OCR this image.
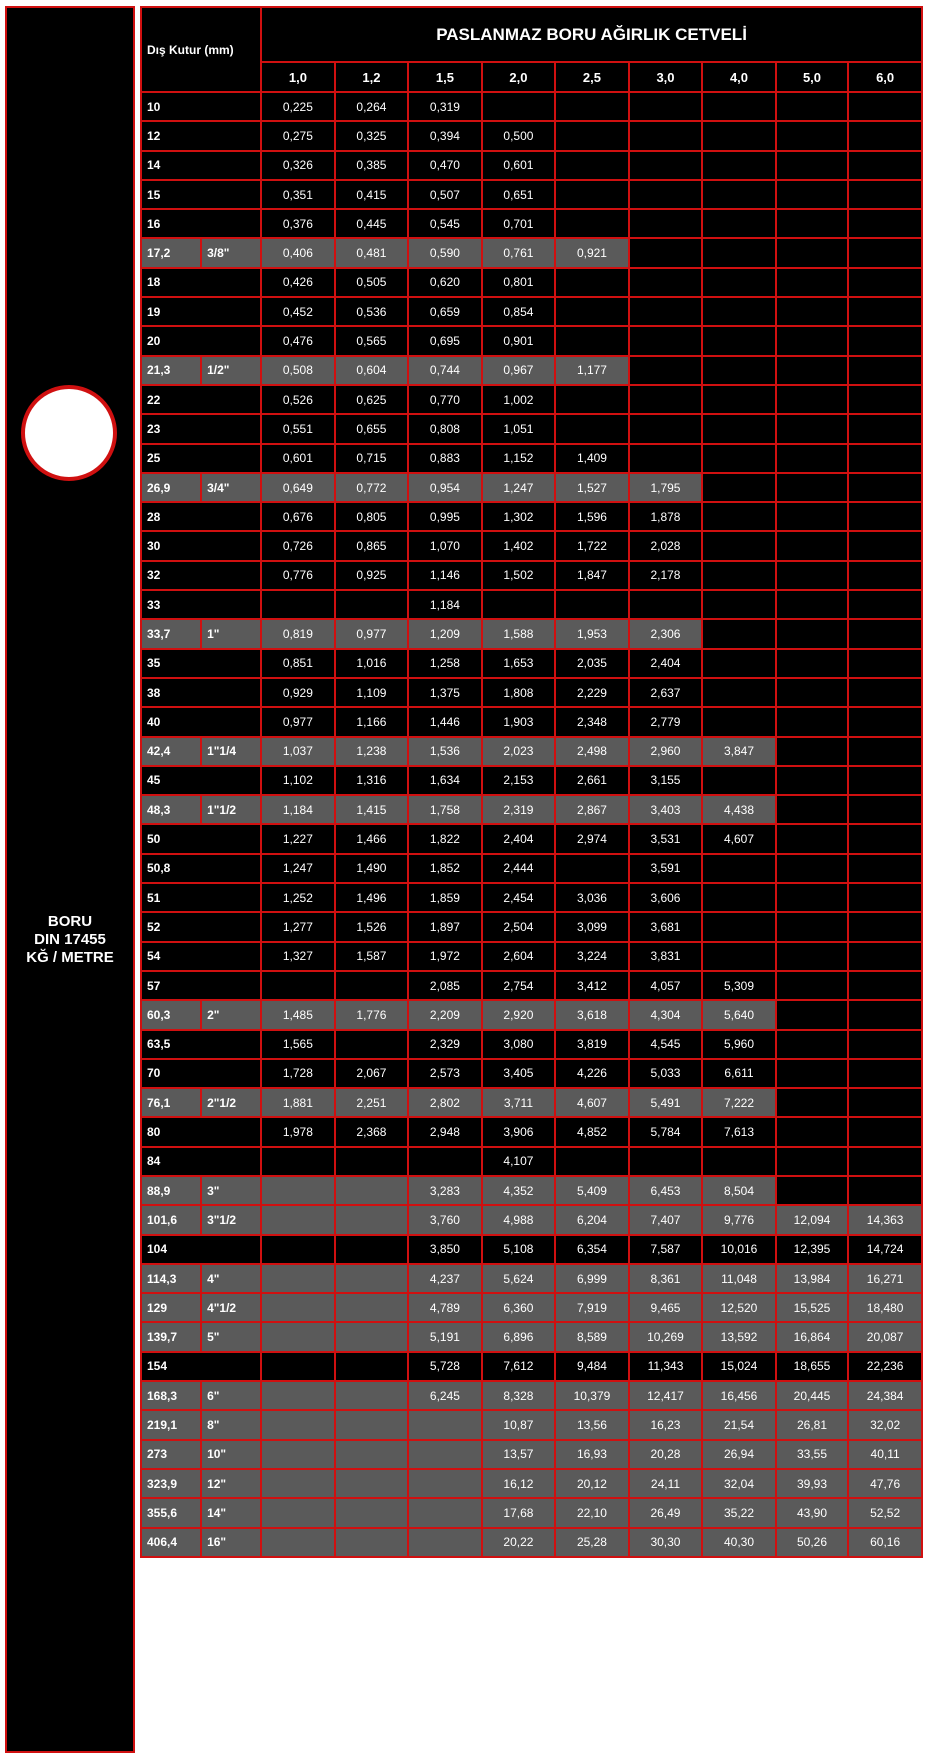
BORU
DIN 17455
KĞ / METRE
Dış Kutur (mm)		PASLANMAZ BORU AĞIRLIK CETVELİ								
		1,0	1,2	1,5	2,0	2,5	3,0	4,0	5,0	6,0
10		0,225	0,264	0,319						
12		0,275	0,325	0,394	0,500					
14		0,326	0,385	0,470	0,601					
15		0,351	0,415	0,507	0,651					
16		0,376	0,445	0,545	0,701					
17,2	3/8"	0,406	0,481	0,590	0,761	0,921				
18		0,426	0,505	0,620	0,801					
19		0,452	0,536	0,659	0,854					
20		0,476	0,565	0,695	0,901					
21,3	1/2"	0,508	0,604	0,744	0,967	1,177				
22		0,526	0,625	0,770	1,002					
23		0,551	0,655	0,808	1,051					
25		0,601	0,715	0,883	1,152	1,409				
26,9	3/4"	0,649	0,772	0,954	1,247	1,527	1,795			
28		0,676	0,805	0,995	1,302	1,596	1,878			
30		0,726	0,865	1,070	1,402	1,722	2,028			
32		0,776	0,925	1,146	1,502	1,847	2,178			
33				1,184						
33,7	1"	0,819	0,977	1,209	1,588	1,953	2,306			
35		0,851	1,016	1,258	1,653	2,035	2,404			
38		0,929	1,109	1,375	1,808	2,229	2,637			
40		0,977	1,166	1,446	1,903	2,348	2,779			
42,4	1"1/4	1,037	1,238	1,536	2,023	2,498	2,960	3,847		
45		1,102	1,316	1,634	2,153	2,661	3,155			
48,3	1"1/2	1,184	1,415	1,758	2,319	2,867	3,403	4,438		
50		1,227	1,466	1,822	2,404	2,974	3,531	4,607		
50,8		1,247	1,490	1,852	2,444		3,591			
51		1,252	1,496	1,859	2,454	3,036	3,606			
52		1,277	1,526	1,897	2,504	3,099	3,681			
54		1,327	1,587	1,972	2,604	3,224	3,831			
57				2,085	2,754	3,412	4,057	5,309		
60,3	2"	1,485	1,776	2,209	2,920	3,618	4,304	5,640		
63,5		1,565		2,329	3,080	3,819	4,545	5,960		
70		1,728	2,067	2,573	3,405	4,226	5,033	6,611		
76,1	2"1/2	1,881	2,251	2,802	3,711	4,607	5,491	7,222		
80		1,978	2,368	2,948	3,906	4,852	5,784	7,613		
84					4,107					
88,9	3"			3,283	4,352	5,409	6,453	8,504		
101,6	3"1/2			3,760	4,988	6,204	7,407	9,776	12,094	14,363
104				3,850	5,108	6,354	7,587	10,016	12,395	14,724
114,3	4"			4,237	5,624	6,999	8,361	11,048	13,984	16,271
129	4"1/2			4,789	6,360	7,919	9,465	12,520	15,525	18,480
139,7	5"			5,191	6,896	8,589	10,269	13,592	16,864	20,087
154				5,728	7,612	9,484	11,343	15,024	18,655	22,236
168,3	6"			6,245	8,328	10,379	12,417	16,456	20,445	24,384
219,1	8"				10,87	13,56	16,23	21,54	26,81	32,02
273	10"				13,57	16,93	20,28	26,94	33,55	40,11
323,9	12"				16,12	20,12	24,11	32,04	39,93	47,76
355,6	14"				17,68	22,10	26,49	35,22	43,90	52,52
406,4	16"				20,22	25,28	30,30	40,30	50,26	60,16
